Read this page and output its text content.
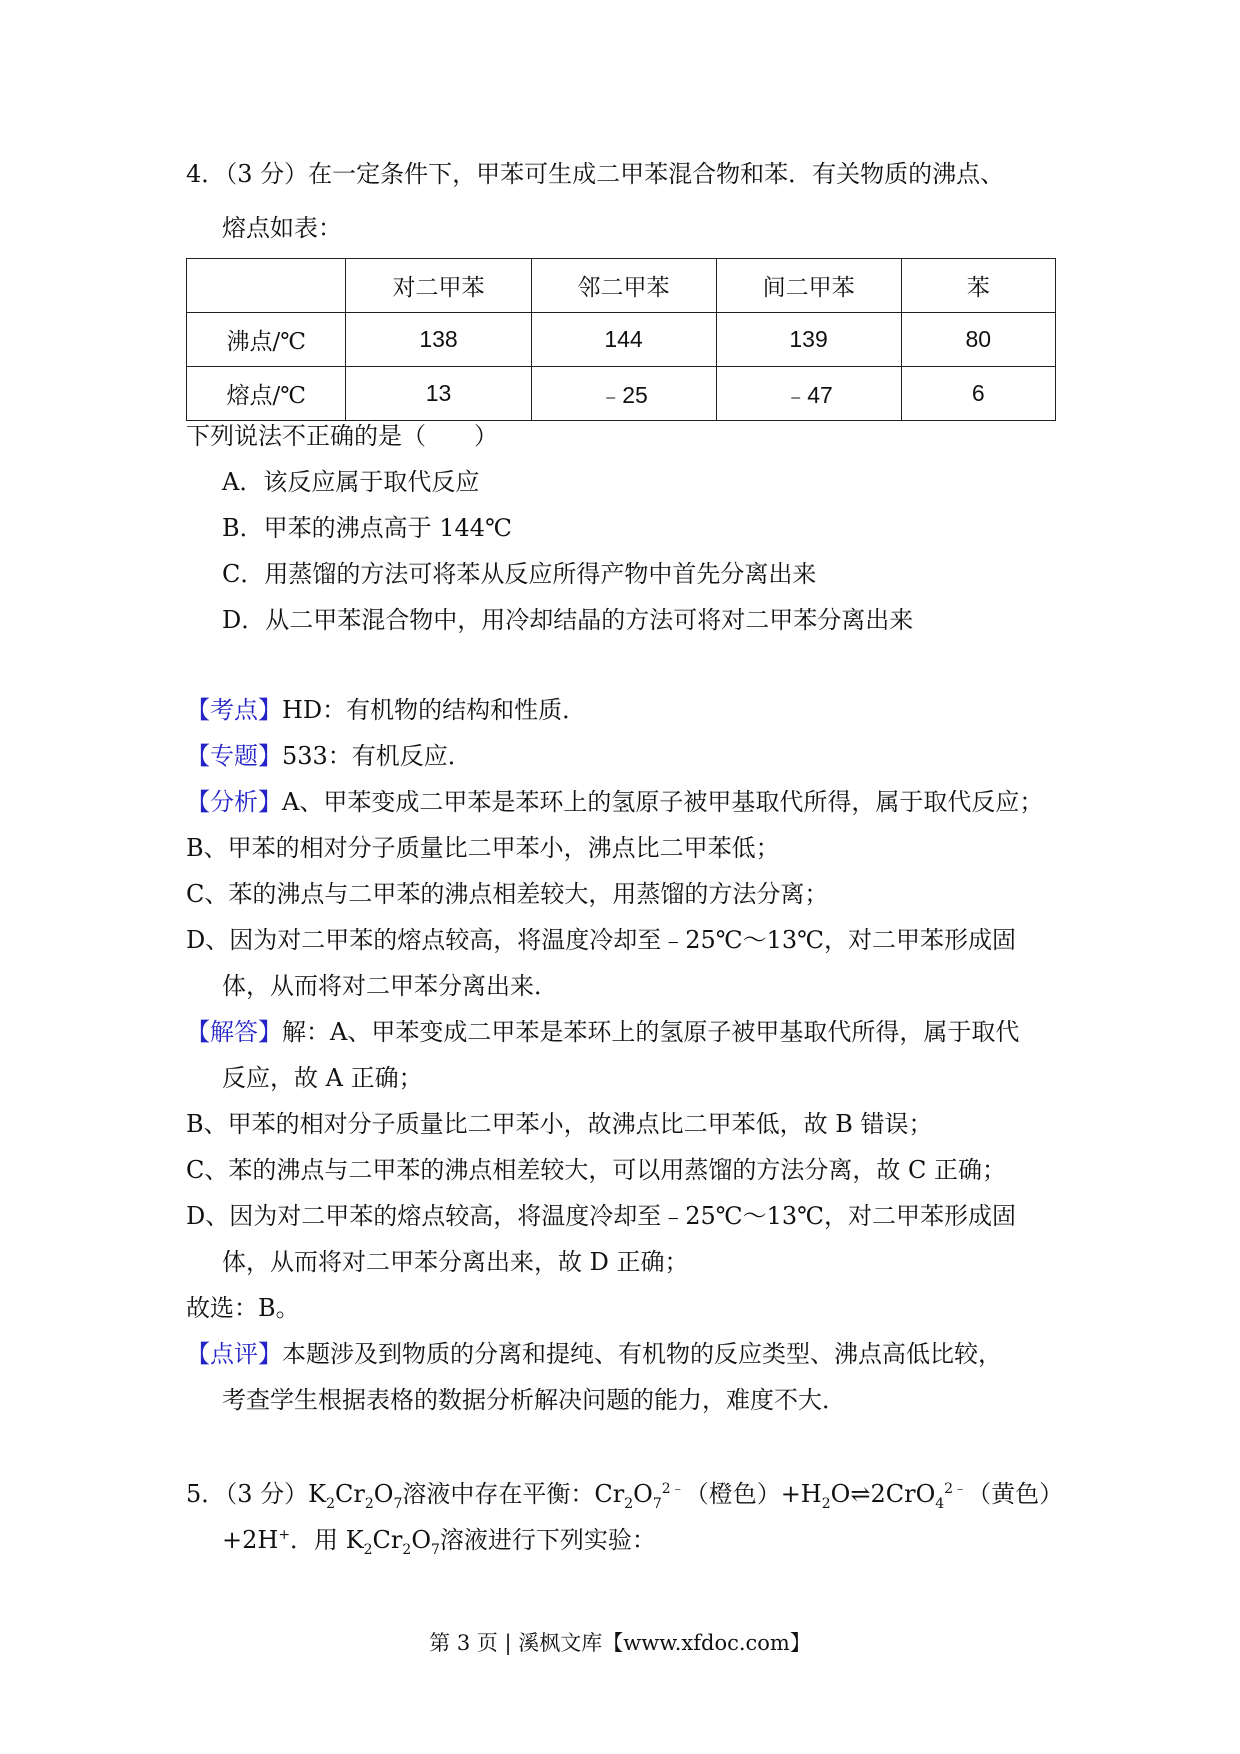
4．（3 分）在一定条件下，甲苯可生成二甲苯混合物和苯．有关物质的沸点、
熔点如表：
	对二甲苯	邻二甲苯	间二甲苯	苯
沸点/℃	138	144	139	80
熔点/℃	13	﹣25	﹣47	6
下列说法不正确的是（　　）
A．该反应属于取代反应
B．甲苯的沸点高于 144℃
C．用蒸馏的方法可将苯从反应所得产物中首先分离出来
D．从二甲苯混合物中，用冷却结晶的方法可将对二甲苯分离出来
【考点】HD：有机物的结构和性质．
【专题】533：有机反应．
【分析】A、甲苯变成二甲苯是苯环上的氢原子被甲基取代所得，属于取代反应；
B、甲苯的相对分子质量比二甲苯小，沸点比二甲苯低；
C、苯的沸点与二甲苯的沸点相差较大，用蒸馏的方法分离；
D、因为对二甲苯的熔点较高，将温度冷却至﹣25℃～13℃，对二甲苯形成固
体，从而将对二甲苯分离出来．
【解答】解：A、甲苯变成二甲苯是苯环上的氢原子被甲基取代所得，属于取代
反应，故 A 正确；
B、甲苯的相对分子质量比二甲苯小，故沸点比二甲苯低，故 B 错误；
C、苯的沸点与二甲苯的沸点相差较大，可以用蒸馏的方法分离，故 C 正确；
D、因为对二甲苯的熔点较高，将温度冷却至﹣25℃～13℃，对二甲苯形成固
体，从而将对二甲苯分离出来，故 D 正确；
故选：B。
【点评】本题涉及到物质的分离和提纯、有机物的反应类型、沸点高低比较，
考查学生根据表格的数据分析解决问题的能力，难度不大．
5．（3 分）$K_2Cr_2O_7$溶液中存在平衡：$Cr_2O_7^{2﹣}$（橙色）$+H_2O\rightleftharpoons 2CrO_4^{2﹣}$（黄色）
+2H+．用 $K_2Cr_2O_7$溶液进行下列实验：
第 3 页 | 溪枫文库【www.xfdoc.com】
